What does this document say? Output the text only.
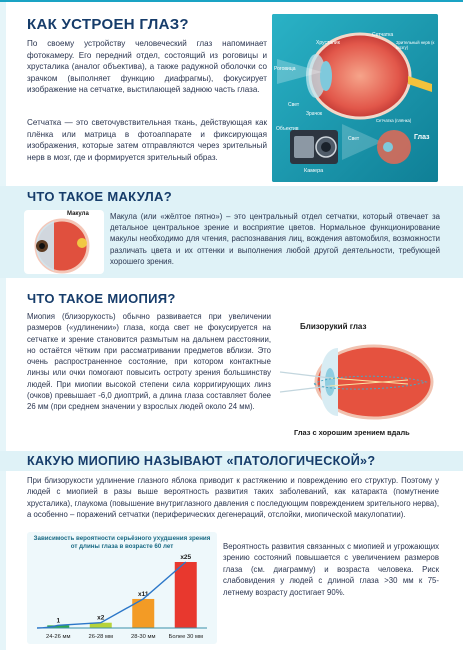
КАК УСТРОЕН ГЛАЗ?
По своему устройству человеческий глаз напоминает фотокамеру. Его передний отдел, состоящий из роговицы и хрусталика (аналог объектива), а также радужной оболочки со зрачком (выполняет функцию диафрагмы), фокусирует изображение на сетчатке, выстилающей заднюю часть глаза.
Сетчатка — это светочувствительная ткань, действующая как плёнка или матрица в фотоаппарате и фиксирующая изображения, которые затем отправляются через зрительный нерв в мозг, где и формируется зрительный образ.
Хрусталик
Роговица
Свет
Зрачок
Сетчатка
Зрительный нерв (к мозгу)
Сетчатка (плёнка)
Объектив
Глаз
Камера
Свет
ЧТО ТАКОЕ МАКУЛА?
Макула	Макула (или «жёлтое пятно») – это центральный отдел сетчатки, который отвечает за детальное центральное зрение и восприятие цветов. Нормальное функционирование макулы необходимо для чтения, распознавания лиц, вождения автомобиля, возможности различать цвета и их оттенки и выполнения любой другой деятельности, требующей хорошего зрения.
ЧТО ТАКОЕ МИОПИЯ?
Миопия (близорукость) обычно развивается при увеличении размеров («удлинении») глаза, когда свет не фокусируется на сетчатке и зрение становится размытым на дальнем расстоянии, но остаётся чётким при рассматривании предметов вблизи. Это очень распространенное состояние, при котором контактные линзы или очки помогают повысить остроту зрения большинству людей. При миопии высокой степени сила корригирующих линз (очков) превышает -6,0 диоптрий, а длина глаза составляет более 26 мм (при среднем значении у взрослых людей около 24 мм).
Близорукий глаз
Глаз с хорошим зрением вдаль
КАКУЮ МИОПИЮ НАЗЫВАЮТ «ПАТОЛОГИЧЕСКОЙ»?
При близорукости удлинение глазного яблока приводит к растяжению и повреждению его структур. Поэтому у людей с миопией в разы выше вероятность развития таких заболеваний, как катаракта (помутнение хрусталика), глаукома (повышение внутриглазного давления с последующим повреждением зрительного нерва), а особенно – поражений сетчатки (периферических дегенераций, отслойки, миопической макулопатии).
Зависимость вероятности серьёзного ухудшения зрения от длины глаза в возрасте 60 лет
1
24-26 мм
x2
26-28 мм
x11
28-30 мм
x25
Более 30 мм
Вероятность развития связанных с миопией и угрожающих зрению состояний повышается с увеличением размеров глаза (см. диаграмму) и возраста человека. Риск слабовидения у людей с длиной глаза >30 мм к 75-летнему возрасту достигает 90%.
